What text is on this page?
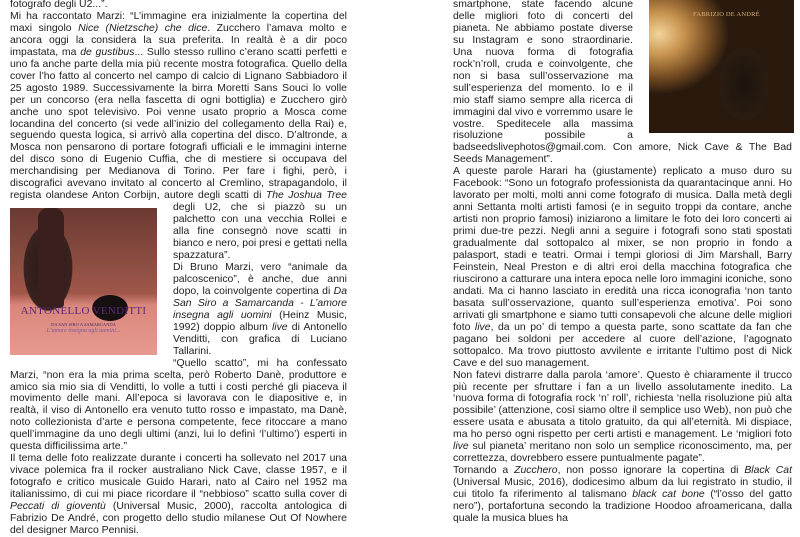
ANTONELLO VENDITTI
DA SAN SIRO A SAMARCANDA
L’amore insegna agli uomini...

fotografo degli U2...”.

Mi ha raccontato Marzi: “L’immagine era inizialmente la copertina del maxi singolo Nice (Nietzsche) che dice. Zucchero l’amava molto e ancora oggi la considera la sua preferita. In realtà è a dir poco impastata, ma de gustibus... Sullo stesso rullino c’erano scatti perfetti e uno fa anche parte della mia più recente mostra fotografica. Quello della cover l’ho fatto al concerto nel campo di calcio di Lignano Sabbiadoro il 25 agosto 1989. Successivamente la birra Moretti Sans Souci lo volle per un concorso (era nella fascetta di ogni bottiglia) e Zucchero girò anche uno spot televisivo. Poi venne usato proprio a Mosca come locandina del concerto (si vede all’inizio del collegamento della Rai) e, seguendo questa logica, si arrivò alla copertina del disco. D’altronde, a Mosca non pensarono di portare fotografi ufficiali e le immagini interne del disco sono di Eugenio Cuffia, che di mestiere si occupava del merchandising per Medianova di Torino. Per fare i fighi, però, i discografici avevano invitato al concerto al Cremlino, strapagandolo, il regista olandese Anton Corbijn, autore degli scatti di The Joshua Tree degli U2, che si piazzò su un palchetto con una vecchia Rollei e alla fine consegnò nove scatti in bianco e nero, poi presi e gettati nella spazzatura”.

Di Bruno Marzi, vero “animale da palcoscenico”, è anche, due anni dopo, la coinvolgente copertina di Da San Siro a Samarcanda - L’amore insegna agli uomini (Heinz Music, 1992) doppio album live di Antonello Venditti, con grafica di Luciano Tallarini.

“Quello scatto”, mi ha confessato Marzi, “non era la mia prima scelta, però Roberto Danè, produttore e amico sia mio sia di Venditti, lo volle a tutti i costi perché gli piaceva il movimento delle mani. All’epoca si lavorava con le diapositive e, in realtà, il viso di Antonello era venuto tutto rosso e impastato, ma Danè, noto collezionista d’arte e persona competente, fece ritoccare a mano quell’immagine da uno degli ultimi (anzi, lui lo definì ‘l’ultimo’) esperti in questa difficilissima arte.”

Il tema delle foto realizzate durante i concerti ha sollevato nel 2017 una vivace polemica fra il rocker australiano Nick Cave, classe 1957, e il fotografo e critico musicale Guido Harari, nato al Cairo nel 1952 ma italianissimo, di cui mi piace ricordare il “nebbioso” scatto sulla cover di Peccati di gioventù (Universal Music, 2000), raccolta antologica di Fabrizio De André, con progetto dello studio milanese Out Of Nowhere del designer Marco Pennisi.

FABRIZIO DE ANDRÉ

smartphone, state facendo alcune delle migliori foto di concerti del pianeta. Ne abbiamo postate diverse su Instagram e sono straordinarie. Una nuova forma di fotografia rock’n’roll, cruda e coinvolgente, che non si basa sull’osservazione ma sull’esperienza del momento. Io e il mio staff siamo sempre alla ricerca di immagini dal vivo e vorremmo usare le vostre. Speditecele alla massima risoluzione possibile a badseedslivephotos@gmail.com. Con amore, Nick Cave & The Bad Seeds Management”.

A queste parole Harari ha (giustamente) replicato a muso duro su Facebook: “Sono un fotografo professionista da quarantacinque anni. Ho lavorato per molti, molti anni come fotografo di musica. Dalla metà degli anni Settanta molti artisti famosi (e in seguito troppi da contare, anche artisti non proprio famosi) iniziarono a limitare le foto dei loro concerti ai primi due-tre pezzi. Negli anni a seguire i fotografi sono stati spostati gradualmente dal sottopalco al mixer, se non proprio in fondo a palasport, stadi e teatri. Ormai i tempi gloriosi di Jim Marshall, Barry Feinstein, Neal Preston e di altri eroi della macchina fotografica che riuscirono a catturare una intera epoca nelle loro immagini iconiche, sono andati. Ma ci hanno lasciato in eredità una ricca iconografia ‘non tanto basata sull’osservazione, quanto sull’esperienza emotiva’. Poi sono arrivati gli smartphone e siamo tutti consapevoli che alcune delle migliori foto live, da un po’ di tempo a questa parte, sono scattate da fan che pagano bei soldoni per accedere al cuore dell’azione, l’agognato sottopalco. Ma trovo piuttosto avvilente e irritante l’ultimo post di Nick Cave e del suo management.

Non fatevi distrarre dalla parola ‘amore’. Questo è chiaramente il trucco più recente per sfruttare i fan a un livello assolutamente inedito. La ‘nuova forma di fotografia rock ‘n’ roll’, richiesta ‘nella risoluzione più alta possibile’ (attenzione, così siamo oltre il semplice uso Web), non può che essere usata e abusata a titolo gratuito, da qui all’eternità. Mi dispiace, ma ho perso ogni rispetto per certi artisti e management. Le ‘migliori foto live sul pianeta’ meritano non solo un semplice riconoscimento, ma, per correttezza, dovrebbero essere puntualmente pagate”.

Tornando a Zucchero, non posso ignorare la copertina di Black Cat (Universal Music, 2016), dodicesimo album da lui registrato in studio, il cui titolo fa riferimento al talismano black cat bone (“l’osso del gatto nero”), portafortuna secondo la tradizione Hoodoo afroamericana, dalla quale la musica blues ha
